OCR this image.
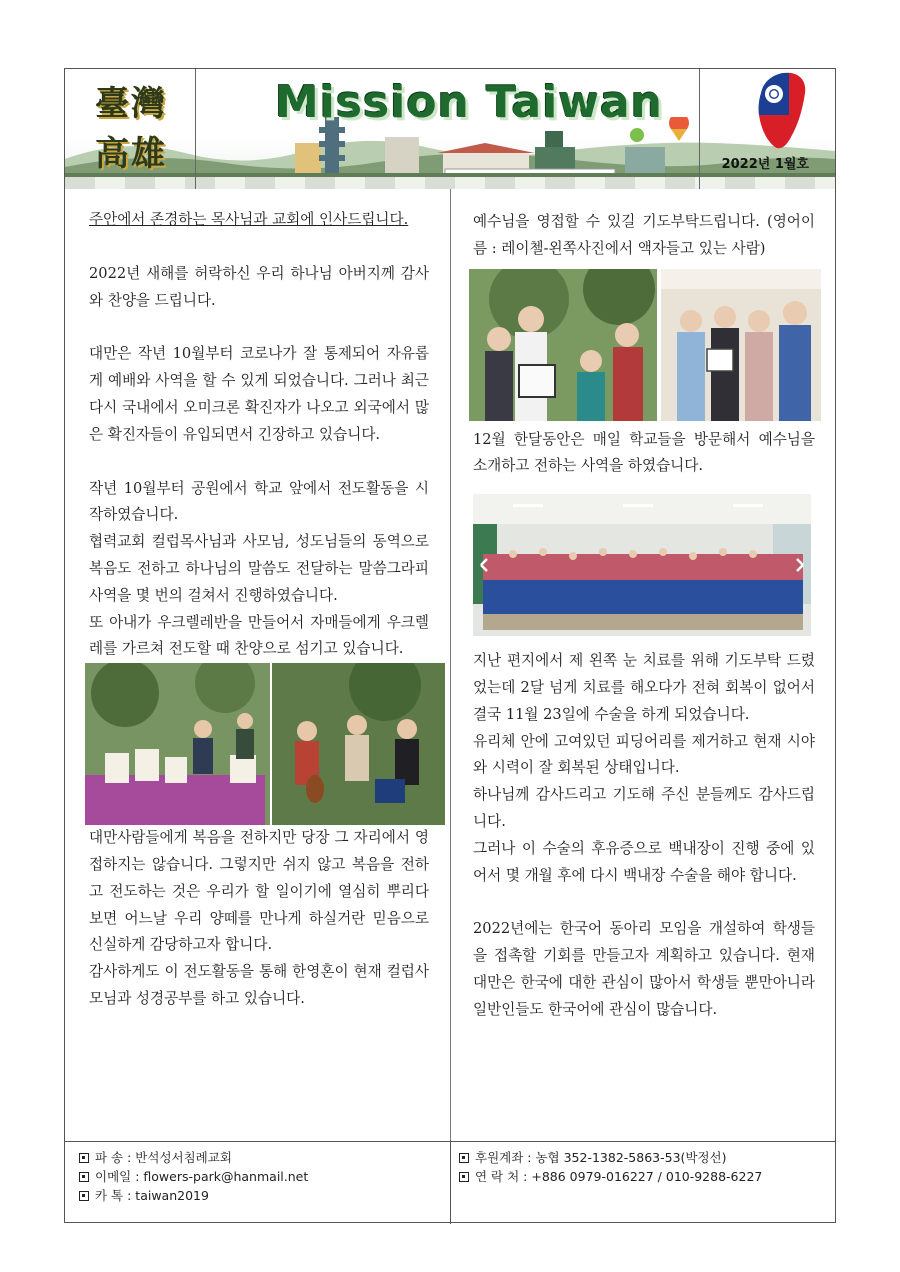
臺灣
高雄
Mission Taiwan
2022년 1월호

주안에서 존경하는 목사님과 교회에 인사드립니다.

2022년 새해를 허락하신 우리 하나님 아버지께 감사와 찬양을 드립니다.

대만은 작년 10월부터 코로나가 잘 통제되어 자유롭게 예배와 사역을 할 수 있게 되었습니다. 그러나 최근 다시 국내에서 오미크론 확진자가 나오고 외국에서 많은 확진자들이 유입되면서 긴장하고 있습니다.

작년 10월부터 공원에서 학교 앞에서 전도활동을 시작하였습니다.

협력교회 컬럽목사님과 사모님, 성도님들의 동역으로 복음도 전하고 하나님의 말씀도 전달하는 말씀그라피 사역을 몇 번의 걸쳐서 진행하였습니다.

또 아내가 우크렐레반을 만들어서 자매들에게 우크렐레를 가르쳐 전도할 때 찬양으로 섬기고 있습니다.

대만사람들에게 복음을 전하지만 당장 그 자리에서 영접하지는 않습니다. 그렇지만 쉬지 않고 복음을 전하고 전도하는 것은 우리가 할 일이기에 열심히 뿌리다 보면 어느날 우리 양떼를 만나게 하실거란 믿음으로 신실하게 감당하고자 합니다.

감사하게도 이 전도활동을 통해 한영혼이 현재 컬럽사모님과 성경공부를 하고 있습니다.

예수님을 영접할 수 있길 기도부탁드립니다. (영어이름 : 레이첼-왼쪽사진에서 액자들고 있는 사람)

12월 한달동안은 매일 학교들을 방문해서 예수님을 소개하고 전하는 사역을 하였습니다.

지난 편지에서 제 왼쪽 눈 치료를 위해 기도부탁 드렸었는데 2달 넘게 치료를 해오다가 전혀 회복이 없어서 결국 11월 23일에 수술을 하게 되었습니다.

유리체 안에 고여있던 피딩어리를 제거하고 현재 시야와 시력이 잘 회복된 상태입니다.

하나님께 감사드리고 기도해 주신 분들께도 감사드립니다.

그러나 이 수술의 후유증으로 백내장이 진행 중에 있어서 몇 개월 후에 다시 백내장 수술을 해야 합니다.

2022년에는 한국어 동아리 모임을 개설하여 학생들을 접촉할 기회를 만들고자 계획하고 있습니다. 현재 대만은 한국에 대한 관심이 많아서 학생들 뿐만아니라 일반인들도 한국어에 관심이 많습니다.

파 송 : 반석성서침례교회
이메일 : flowers-park@hanmail.net
카 톡 : taiwan2019
후원계좌 : 농협 352-1382-5863-53(박정선)
연 락 처 : +886 0979-016227 / 010-9288-6227
